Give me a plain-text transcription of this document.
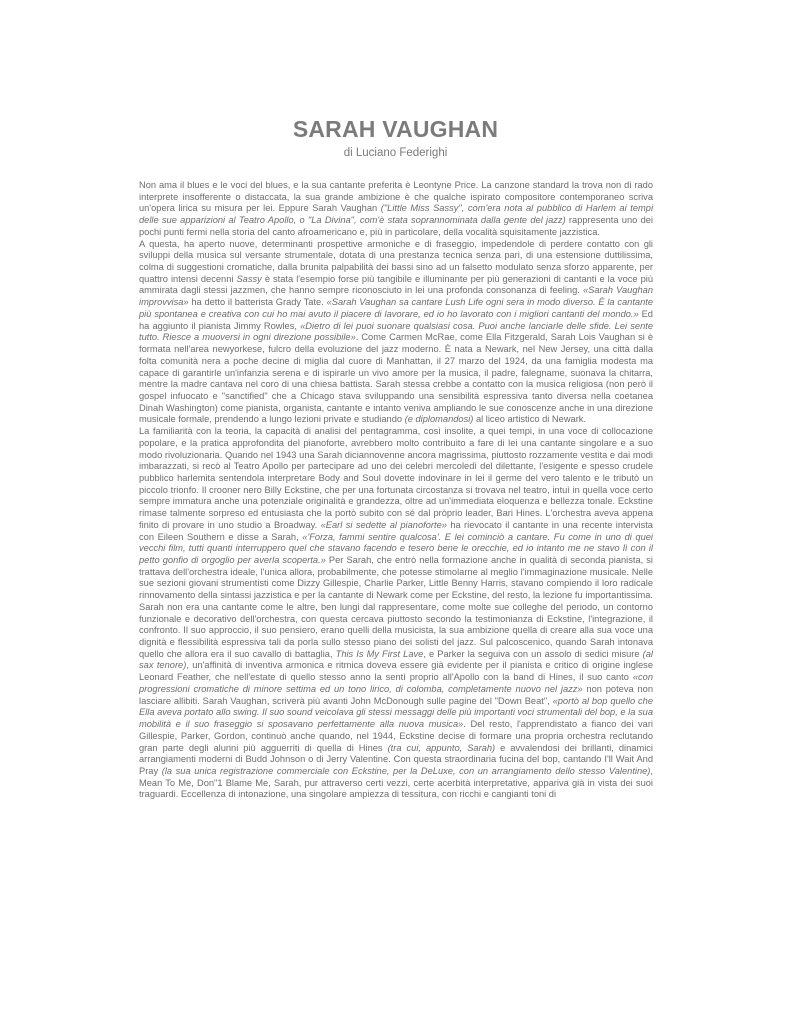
SARAH VAUGHAN
di Luciano Federighi

Non ama il blues e le voci del blues, e la sua cantante preferita è Leontyne Price. La canzone standard la trova non di rado interprete insofferente o distaccata, la sua grande ambizione è che qualche ispirato compositore contemporaneo scriva un'opera lirica su misura per lei. Eppure Sarah Vaughan ("Little Miss Sassy", com'era nota al pubblico di Harlem ai tempi delle sue apparizioni al Teatro Apollo, o "La Divina", com'è stata soprannominata dalla gente del jazz) rappresenta uno dei pochi punti fermi nella storia del canto afroamericano e, più in particolare, della vocalità squisitamente jazzistica.

A questa, ha aperto nuove, determinanti prospettive armoniche e di fraseggio, impedendole di perdere contatto con gli sviluppi della musica sul versante strumentale, dotata di una prestanza tecnica senza pari, di una estensione duttilissima, colma di suggestioni cromatiche, dalla brunita palpabilità dei bassi sino ad un falsetto modulato senza sforzo apparente, per quattro intensi decenni Sassy è stata l'esempio forse più tangibile e illuminante per più generazioni di cantanti e la voce più ammirata dagli stessi jazzmen, che hanno sempre riconosciuto in lei una profonda consonanza di feeling. «Sarah Vaughan improvvisa» ha detto il batterista Grady Tate. «Sarah Vaughan sa cantare Lush Life ogni sera in modo diverso. È la cantante più spontanea e creativa con cui ho mai avuto il piacere di lavorare, ed io ho lavorato con i migliori cantanti del mondo.» Ed ha aggiunto il pianista Jimmy Rowles, «Dietro di lei puoi suonare qualsiasi cosa. Puoi anche lanciarle delle sfide. Lei sente tutto. Riesce a muoversi in ogni direzione possibile». Come Carmen McRae, come Ella Fitzgerald, Sarah Lois Vaughan si è formata nell'area newyorkese, fulcro della evoluzione del jazz moderno. È nata a Newark, nel New Jersey, una città dalla folta comunità nera a poche decine di miglia dal cuore di Manhattan, il 27 marzo del 1924, da una famiglia modesta ma capace di garantirle un'infanzia serena e di ispirarle un vivo amore per la musica, il padre, falegname, suonava la chitarra, mentre la madre cantava nel coro di una chiesa battista. Sarah stessa crebbe a contatto con la musica religiosa (non però il gospel infuocato e "sanctified" che a Chicago stava sviluppando una sensibilità espressiva tanto diversa nella coetanea Dinah Washington) come pianista, organista, cantante e intanto veniva ampliando le sue conoscenze anche in una direzione musicale formale, prendendo a lungo lezioni private e studiando (e diplomandosi) al liceo artistico di Newark.

La familiarità con la teoria, la capacità di analisi del pentagramma, così insolite, a quei tempi, in una voce di collocazione popolare, e la pratica approfondita del pianoforte, avrebbero molto contribuito a fare di lei una cantante singolare e a suo modo rivoluzionaria. Quando nel 1943 una Sarah diciannovenne ancora magrissima, piuttosto rozzamente vestita e dai modi imbarazzati, si recò al Teatro Apollo per partecipare ad uno dei celebri mercoledì del dilettante, l'esigente e spesso crudele pubblico harlemita sentendola interpretare Body and Soul dovette indovinare in lei il germe del vero talento e le tributò un piccolo trionfo. Il crooner nero Billy Eckstine, che per una fortunata circostanza si trovava nel teatro, intuì in quella voce certo sempre immatura anche una potenziale originalità e grandezza, oltre ad un'immediata eloquenza e bellezza tonale. Eckstine rimase talmente sorpreso ed entusiasta che la portò subito con sé dal pròprio leader, Bari Hines. L'orchestra aveva appena finito di provare in uno studio a Broadway. «Earl si sedette al pianoforte» ha rievocato il cantante in una recente intervista con Eileen Southern e disse a Sarah, «'Forza, fammi sentire qualcosa'. E lei cominciò a cantare. Fu come in uno di quei vecchi film, tutti quanti interruppero quel che stavano facendo e tesero bene le orecchie, ed io intanto me ne stavo lì con il petto gonfio di orgoglio per averla scoperta.» Per Sarah, che entrò nella formazione anche in qualità di seconda pianista, si trattava dell'orchestra ideale, l'unica allora, probabilmente, che potesse stimolarne al meglio l'immaginazione musicale. Nelle sue sezioni giovani strumentisti come Dizzy Gillespie, Charlie Parker, Little Benny Harris, stavano compiendo il loro radicale rinnovamento della sintassi jazzistica e per la cantante di Newark come per Eckstine, del resto, la lezione fu importantissima. Sarah non era una cantante come le altre, ben lungi dal rappresentare, come molte sue colleghe del periodo, un contorno funzionale e decorativo dell'orchestra, con questa cercava piuttosto secondo la testimonianza di Eckstine, l'integrazione, il confronto. Il suo approccio, il suo pensiero, erano quelli della musicista, la sua ambizione quella di creare alla sua voce una dignità e flessibilità espressiva tali da porla sullo stesso piano dei solisti del jazz. Sul palcoscenico, quando Sarah intonava quello che allora era il suo cavallo di battaglia, This Is My First Lave, e Parker la seguiva con un assolo di sedici misure (al sax tenore), un'affinità di inventiva armonica e ritmica doveva essere già evidente per il pianista e critico di origine inglese Leonard Feather, che nell'estate di quello stesso anno la sentì proprio all'Apollo con la band di Hines, il suo canto «con progressioni cromatiche di minore settima ed un tono lirico, di colomba, completamente nuovo nel jazz» non poteva non lasciare allibiti. Sarah Vaughan, scriverà più avanti John McDonough sulle pagine del "Down Beat", «portò al bop quello che Ella aveva portato allo swing. Il suo sound veicolava gli stessi messaggi delle più importanti voci strumentali del bop, e la sua mobilità e il suo fraseggio si sposavano perfettamente alla nuova musica». Del resto, l'apprendistato a fianco dei vari Gillespie, Parker, Gordon, continuò anche quando, nel 1944, Eckstine decise di formare una propria orchestra reclutando gran parte degli alunni più agguerriti di quella di Hines (tra cui, appunto, Sarah) e avvalendosi dei brillanti, dinamici arrangiamenti moderni di Budd Johnson o di Jerry Valentine. Con questa straordinaria fucina del bop, cantando I'll Wait And Pray (la sua unica registrazione commerciale con Eckstine, per la DeLuxe, con un arrangiamento dello stesso Valentine), Mean To Me, Don"1 Blame Me, Sarah, pur attraverso certi vezzi, certe acerbità interpretative, appariva già in vista dei suoi traguardi. Eccellenza di intonazione, una singolare ampiezza di tessitura, con ricchi e cangianti toni di
